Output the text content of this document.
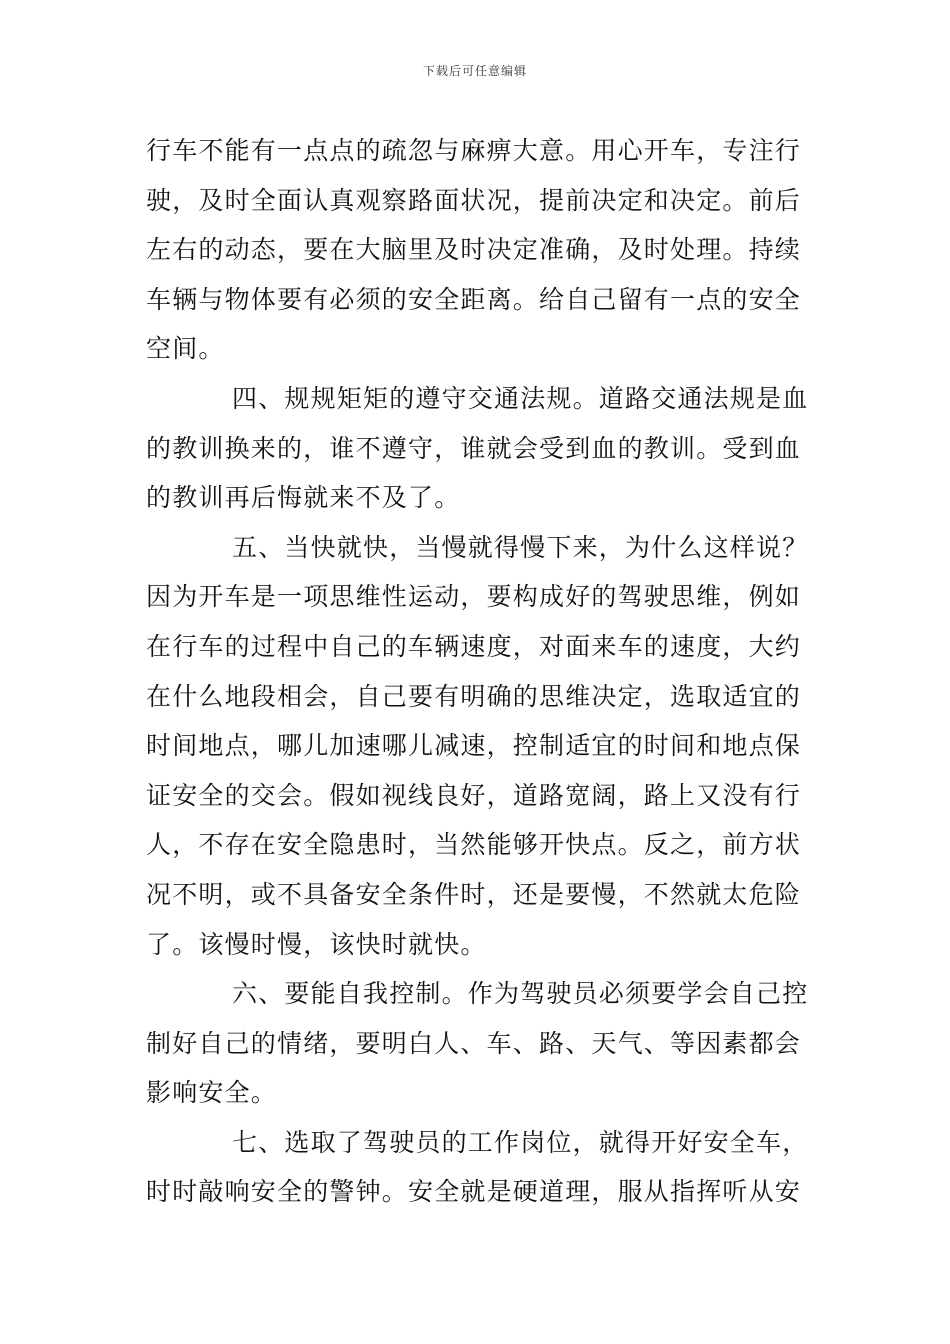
下载后可任意编辑
行车不能有一点点的疏忽与麻痹大意。用心开车，专注行
驶，及时全面认真观察路面状况，提前决定和决定。前后
左右的动态，要在大脑里及时决定准确，及时处理。持续
车辆与物体要有必须的安全距离。给自己留有一点的安全
空间。
四、规规矩矩的遵守交通法规。道路交通法规是血
的教训换来的，谁不遵守，谁就会受到血的教训。受到血
的教训再后悔就来不及了。
五、当快就快，当慢就得慢下来，为什么这样说？
因为开车是一项思维性运动，要构成好的驾驶思维，例如
在行车的过程中自己的车辆速度，对面来车的速度，大约
在什么地段相会，自己要有明确的思维决定，选取适宜的
时间地点，哪儿加速哪儿减速，控制适宜的时间和地点保
证安全的交会。假如视线良好，道路宽阔，路上又没有行
人，不存在安全隐患时，当然能够开快点。反之，前方状
况不明，或不具备安全条件时，还是要慢，不然就太危险
了。该慢时慢，该快时就快。
六、要能自我控制。作为驾驶员必须要学会自己控
制好自己的情绪，要明白人、车、路、天气、等因素都会
影响安全。
七、选取了驾驶员的工作岗位，就得开好安全车，
时时敲响安全的警钟。安全就是硬道理，服从指挥听从安
